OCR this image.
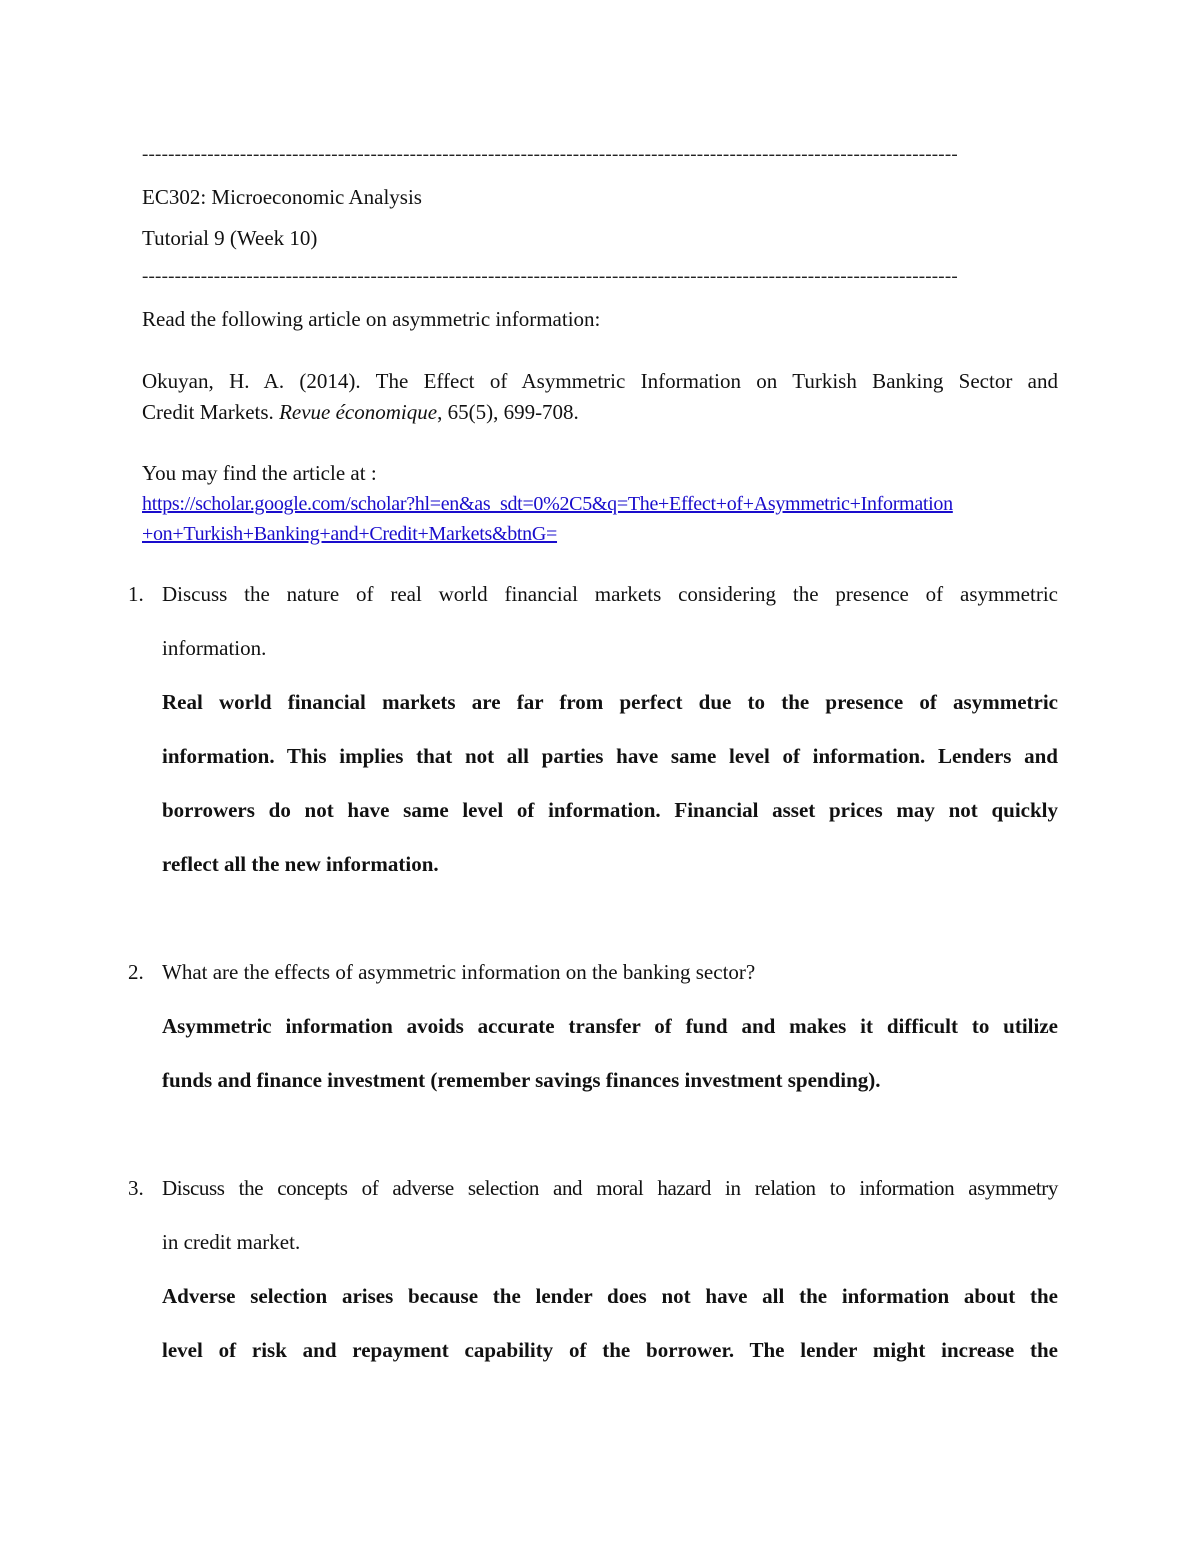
-----------------------------------------------------------------------------------------------------------------------------
EC302: Microeconomic Analysis
Tutorial 9 (Week 10)
-----------------------------------------------------------------------------------------------------------------------------
Read the following article on asymmetric information:
Okuyan, H. A. (2014). The Effect of Asymmetric Information on Turkish Banking Sector and
Credit Markets. Revue économique, 65(5), 699-708.
You may find the article at :
https://scholar.google.com/scholar?hl=en&as_sdt=0%2C5&q=The+Effect+of+Asymmetric+Information
+on+Turkish+Banking+and+Credit+Markets&btnG=
1. Discuss the nature of real world financial markets considering the presence of asymmetric
information.
Real world financial markets are far from perfect due to the presence of asymmetric
information. This implies that not all parties have same level of information. Lenders and
borrowers do not have same level of information. Financial asset prices may not quickly
reflect all the new information.
2. What are the effects of asymmetric information on the banking sector?
Asymmetric information avoids accurate transfer of fund and makes it difficult to utilize
funds and finance investment (remember savings finances investment spending).
3. Discuss the concepts of adverse selection and moral hazard in relation to information asymmetry
in credit market.
Adverse selection arises because the lender does not have all the information about the
level of risk and repayment capability of the borrower. The lender might increase the
